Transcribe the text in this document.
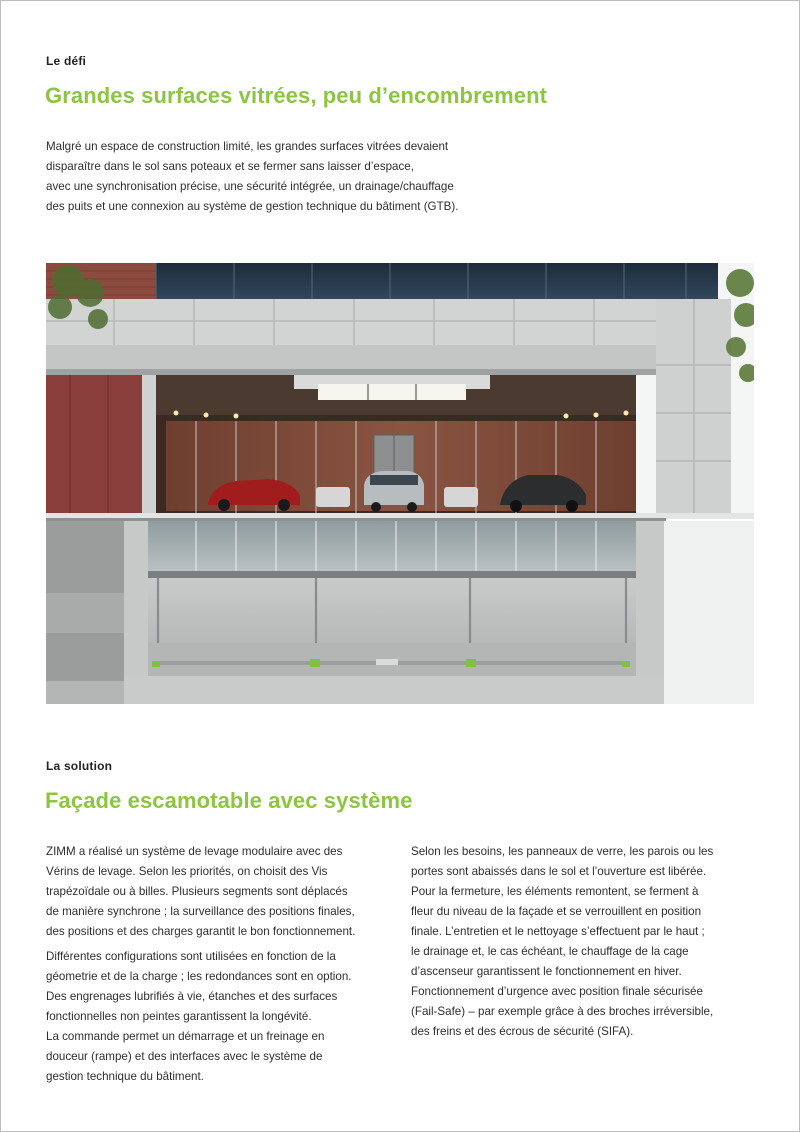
Le défi
Grandes surfaces vitrées, peu d’encombrement
Malgré un espace de construction limité, les grandes surfaces vitrées devaient
disparaître dans le sol sans poteaux et se fermer sans laisser d’espace,
avec une synchronisation précise, une sécurité intégrée, un drainage/chauffage
des puits et une connexion au système de gestion technique du bâtiment (GTB).
La solution
Façade escamotable avec système
ZIMM a réalisé un système de levage modulaire avec des
Vérins de levage. Selon les priorités, on choisit des Vis
trapézoïdale ou à billes. Plusieurs segments sont déplacés
de manière synchrone ; la surveillance des positions finales,
des positions et des charges garantit le bon fonctionnement.
Différentes configurations sont utilisées en fonction de la
géometrie et de la charge ; les redondances sont en option.
Des engrenages lubrifiés à vie, étanches et des surfaces
fonctionnelles non peintes garantissent la longévité.
La commande permet un démarrage et un freinage en
douceur (rampe) et des interfaces avec le système de
gestion technique du bâtiment.
Selon les besoins, les panneaux de verre, les parois ou les
portes sont abaissés dans le sol et l’ouverture est libérée.
Pour la fermeture, les éléments remontent, se ferment à
fleur du niveau de la façade et se verrouillent en position
finale. L’entretien et le nettoyage s’effectuent par le haut ;
le drainage et, le cas échéant, le chauffage de la cage
d’ascenseur garantissent le fonctionnement en hiver.
Fonctionnement d’urgence avec position finale sécurisée
(Fail-Safe) – par exemple grâce à des broches irréversible,
des freins et des écrous de sécurité (SIFA).
